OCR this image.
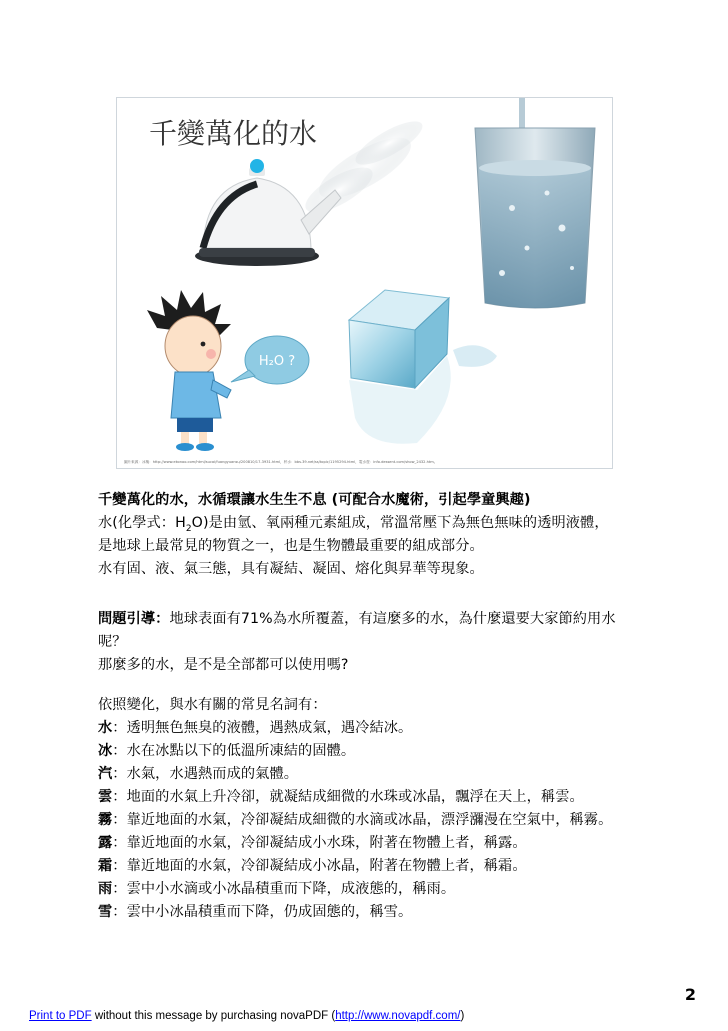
千變萬化的水
H₂O ?
圖片來源：冰塊：http://www.ekonoo.com/html/sucai/fuangyuansu/200810/17-3931.html，杯水：bbs.39.net/ss/topic/1195294.html，電水壺：info.dessent.com/show_2432.htm。
千變萬化的水，水循環讓水生生不息 (可配合水魔術，引起學童興趣)
水(化學式：$H_2O$)是由氫、氧兩種元素組成，常溫常壓下為無色無味的透明液體，
是地球上最常見的物質之一，也是生物體最重要的組成部分。
水有固、液、氣三態，具有凝結、凝固、熔化與昇華等現象。
問題引導：地球表面有71%為水所覆蓋，有這麼多的水，為什麼還要大家節約用水呢？
那麼多的水，是不是全部都可以使用嗎?
依照變化，與水有關的常見名詞有：
水：透明無色無臭的液體，遇熱成氣，遇冷結冰。
冰：水在冰點以下的低溫所凍結的固體。
汽：水氣，水遇熱而成的氣體。
雲：地面的水氣上升冷卻，就凝結成細微的水珠或冰晶，飄浮在天上，稱雲。
霧：靠近地面的水氣，冷卻凝結成細微的水滴或冰晶，漂浮瀰漫在空氣中，稱霧。
露：靠近地面的水氣，冷卻凝結成小水珠，附著在物體上者，稱露。
霜：靠近地面的水氣，冷卻凝結成小冰晶，附著在物體上者，稱霜。
雨：雲中小水滴或小冰晶積重而下降，成液態的，稱雨。
雪：雲中小冰晶積重而下降，仍成固態的，稱雪。
2
Print to PDF without this message by purchasing novaPDF (http://www.novapdf.com/)
